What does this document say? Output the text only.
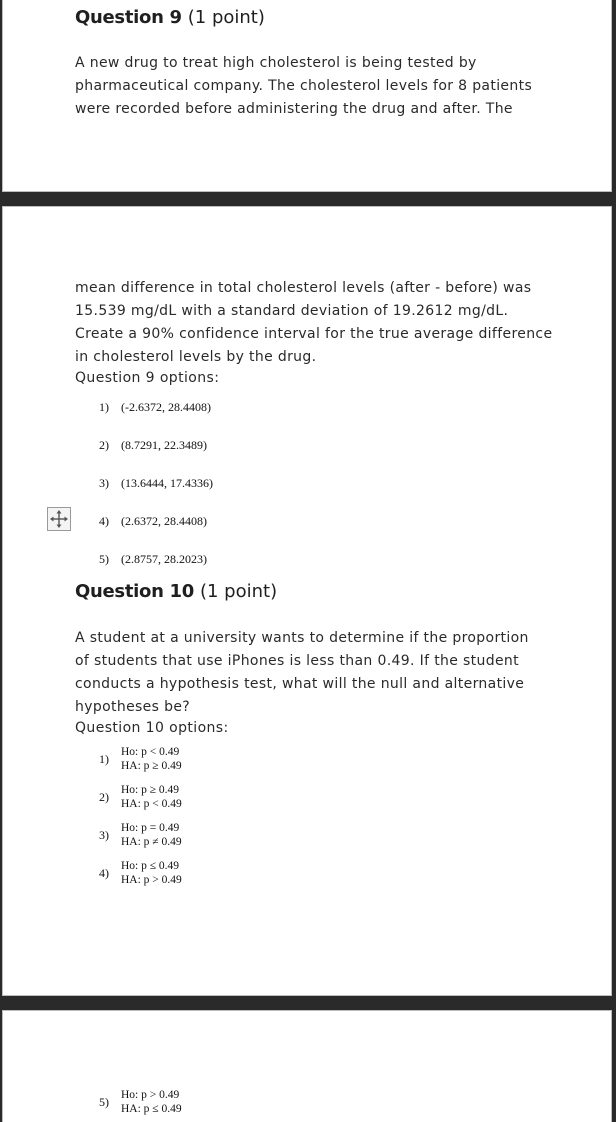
Question 9 (1 point)
A new drug to treat high cholesterol is being tested by pharmaceutical company. The cholesterol levels for 8 patients were recorded before administering the drug and after. The
mean difference in total cholesterol levels (after - before) was 15.539 mg/dL with a standard deviation of 19.2612 mg/dL. Create a 90% confidence interval for the true average difference in cholesterol levels by the drug.
Question 9 options:
1) (-2.6372, 28.4408)
2) (8.7291, 22.3489)
3) (13.6444, 17.4336)
4) (2.6372, 28.4408)
5) (2.8757, 28.2023)
Question 10 (1 point)
A student at a university wants to determine if the proportion of students that use iPhones is less than 0.49. If the student conducts a hypothesis test, what will the null and alternative hypotheses be?
Question 10 options:
1) Ho: p < 0.49
HA: p ≥ 0.49
2) Ho: p ≥ 0.49
HA: p < 0.49
3) Ho: p = 0.49
HA: p ≠ 0.49
4) Ho: p ≤ 0.49
HA: p > 0.49
5) Ho: p > 0.49
HA: p ≤ 0.49
